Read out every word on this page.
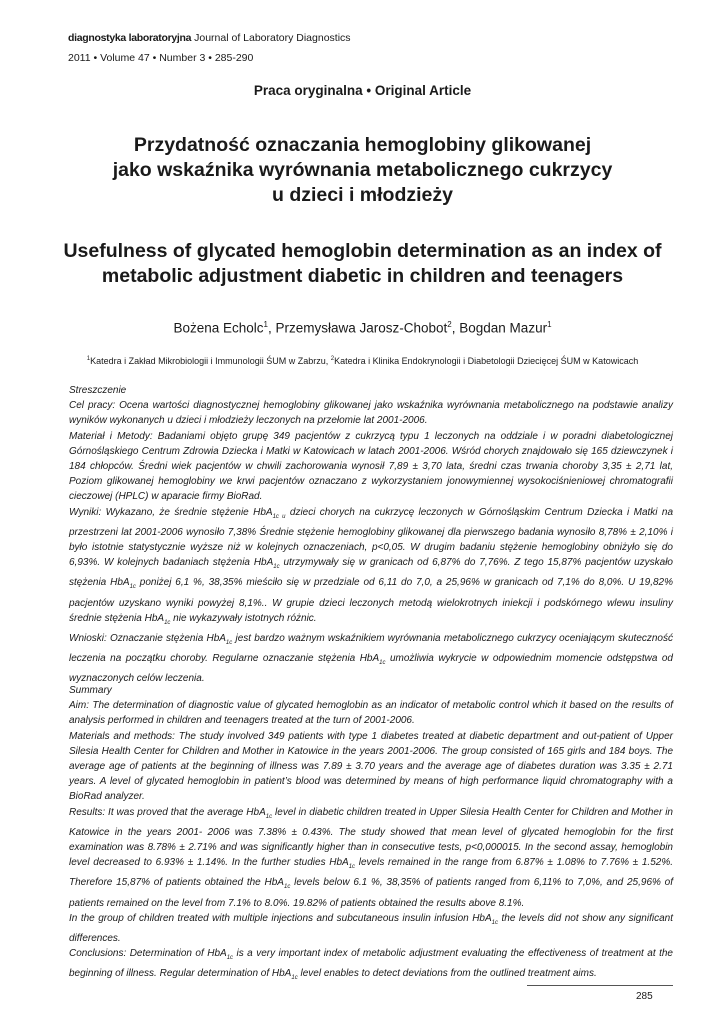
diagnostyka laboratoryjna Journal of Laboratory Diagnostics
2011 • Volume 47 • Number 3 • 285-290
Praca oryginalna • Original Article
Przydatność oznaczania hemoglobiny glikowanej
jako wskaźnika wyrównania metabolicznego cukrzycy
u dzieci i młodzieży
Usefulness of glycated hemoglobin determination as an index of
metabolic adjustment diabetic in children and teenagers
Bożena Echolc$^1$, Przemysława Jarosz-Chobot$^2$, Bogdan Mazur$^1$
$^1$Katedra i Zakład Mikrobiologii i Immunologii ŚUM w Zabrzu, $^2$Katedra i Klinika Endokrynologii i Diabetologii Dziecięcej ŚUM w Katowicach

Streszczenie

Cel pracy: Ocena wartości diagnostycznej hemoglobiny glikowanej jako wskaźnika wyrównania metabolicznego na podstawie analizy wyników wykonanych u dzieci i młodzieży leczonych na przełomie lat 2001-2006.

Materiał i Metody: Badaniami objęto grupę 349 pacjentów z cukrzycą typu 1 leczonych na oddziale i w poradni diabetologicznej Górnośląskiego Centrum Zdrowia Dziecka i Matki w Katowicach w latach 2001-2006. Wśród chorych znajdowało się 165 dziewczynek i 184 chłopców. Średni wiek pacjentów w chwili zachorowania wynosił 7,89 ± 3,70 lata, średni czas trwania choroby 3,35 ± 2,71 lat, Poziom glikowanej hemoglobiny we krwi pacjentów oznaczano z wykorzystaniem jonowymiennej wysokociśnieniowej chromatografii cieczowej (HPLC) w aparacie firmy BioRad.

Wyniki: Wykazano, że średnie stężenie HbA$_{1c u}$ dzieci chorych na cukrzycę leczonych w Górnośląskim Centrum Dziecka i Matki na przestrzeni lat 2001-2006 wynosiło 7,38% Średnie stężenie hemoglobiny glikowanej dla pierwszego badania wynosiło 8,78% ± 2,10% i było istotnie statystycznie wyższe niż w kolejnych oznaczeniach, p<0,05. W drugim badaniu stężenie hemoglobiny obniżyło się do 6,93%. W kolejnych badaniach stężenia HbA$_{1c}$ utrzymywały się w granicach od 6,87% do 7,76%. Z tego 15,87% pacjentów uzyskało stężenia HbA$_{1c}$ poniżej 6,1 %, 38,35% mieściło się w przedziale od 6,11 do 7,0, a 25,96% w granicach od 7,1% do 8,0%. U 19,82% pacjentów uzyskano wyniki powyżej 8,1%.. W grupie dzieci leczonych metodą wielokrotnych iniekcji i podskórnego wlewu insuliny średnie stężenia HbA$_{1c}$ nie wykazywały istotnych różnic.

Wnioski: Oznaczanie stężenia HbA$_{1c}$ jest bardzo ważnym wskaźnikiem wyrównania metabolicznego cukrzycy oceniającym skuteczność leczenia na początku choroby. Regularne oznaczanie stężenia HbA$_{1c}$ umożliwia wykrycie w odpowiednim momencie odstępstwa od wyznaczonych celów leczenia.

Summary

Aim: The determination of diagnostic value of glycated hemoglobin as an indicator of metabolic control which it based on the results of analysis performed in children and teenagers treated at the turn of 2001-2006.

Materials and methods: The study involved 349 patients with type 1 diabetes treated at diabetic department and out-patient of Upper Silesia Health Center for Children and Mother in Katowice in the years 2001-2006. The group consisted of 165 girls and 184 boys. The average age of patients at the beginning of illness was 7.89 ± 3.70 years and the average age of diabetes duration was 3.35 ± 2.71 years. A level of glycated hemoglobin in patient’s blood was determined by means of high performance liquid chromatography with a BioRad analyzer.

Results: It was proved that the average HbA$_{1c}$ level in diabetic children treated in Upper Silesia Health Center for Children and Mother in Katowice in the years 2001- 2006 was 7.38% ± 0.43%. The study showed that mean level of glycated hemoglobin for the first examination was 8.78% ± 2.71% and was significantly higher than in consecutive tests, p<0,000015. In the second assay, hemoglobin level decreased to 6.93% ± 1.14%. In the further studies HbA$_{1c}$ levels remained in the range from 6.87% ± 1.08% to 7.76% ± 1.52%. Therefore 15,87% of patients obtained the HbA$_{1c}$ levels below 6.1 %, 38,35% of patients ranged from 6,11% to 7,0%, and 25,96% of patients remained on the level from 7.1% to 8.0%. 19.82% of patients obtained the results above 8.1%.

In the group of children treated with multiple injections and subcutaneous insulin infusion HbA$_{1c}$ the levels did not show any significant differences.

Conclusions: Determination of HbA$_{1c}$ is a very important index of metabolic adjustment evaluating the effectiveness of treatment at the beginning of illness. Regular determination of HbA$_{1c}$ level enables to detect deviations from the outlined treatment aims.

285
